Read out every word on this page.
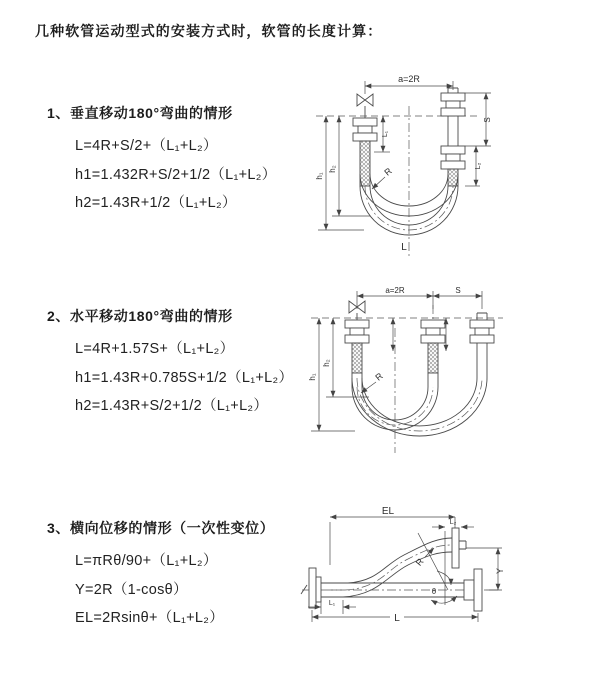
几种软管运动型式的安装方式时，软管的长度计算：
1、垂直移动180°弯曲的情形
L=4R+S/2+（L₁+L₂）
h1=1.432R+S/2+1/2（L₁+L₂）
h2=1.43R+1/2（L₁+L₂）
2、水平移动180°弯曲的情形
L=4R+1.57S+（L₁+L₂）
h1=1.43R+0.785S+1/2（L₁+L₂）
h2=1.43R+S/2+1/2（L₁+L₂）
3、横向位移的情形（一次性变位）
L=πRθ/90+（L₁+L₂）
Y=2R（1-cosθ）
EL=2Rsinθ+（L₁+L₂）
a=2R
h₁
h₂
L₁
S
L₂
R
L
a=2R	S
h₁
h₂
R
EL
L₂
Y
θ
R
L₁
L
